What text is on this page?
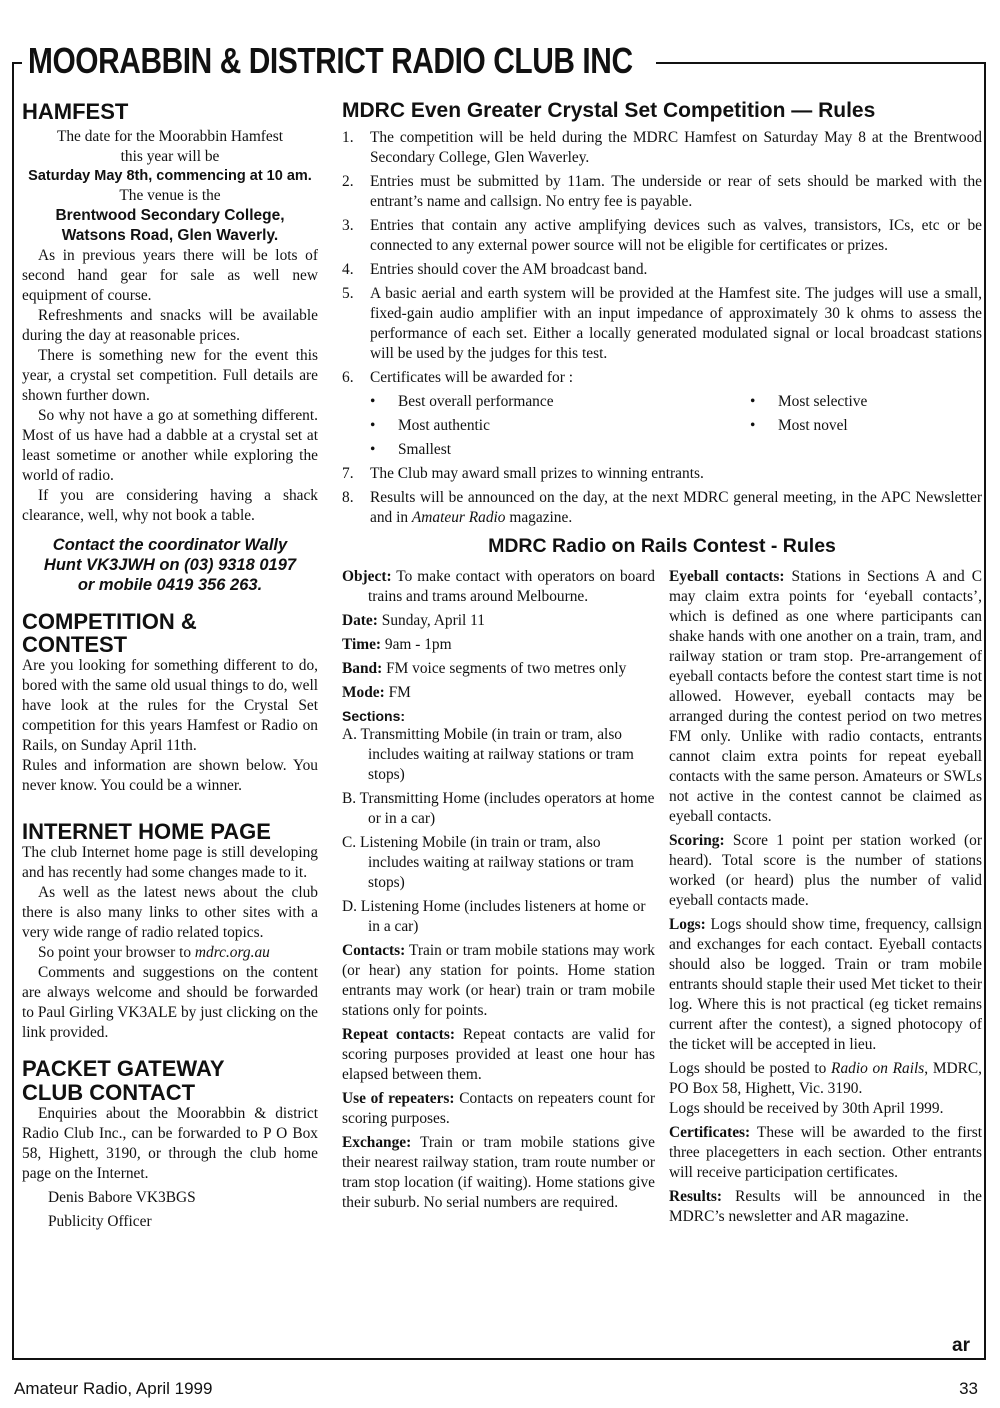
MOORABBIN & DISTRICT RADIO CLUB INC
HAMFEST

The date for the Moorabbin Hamfest

this year will be

Saturday May 8th, commencing at 10 am.

The venue is the

Brentwood Secondary College,

Watsons Road, Glen Waverly.

As in previous years there will be lots of second hand gear for sale as well new equipment of course.

Refreshments and snacks will be available during the day at reasonable prices.

There is something new for the event this year, a crystal set competition. Full details are shown further down.

So why not have a go at something different. Most of us have had a dabble at a crystal set at least sometime or another while exploring the world of radio.

If you are considering having a shack clearance, well, why not book a table.

Contact the coordinator Wally

Hunt VK3JWH on (03) 9318 0197

or mobile 0419 356 263.

COMPETITION &
CONTEST

Are you looking for something different to do, bored with the same old usual things to do, well have look at the rules for the Crystal Set competition for this years Hamfest or Radio on Rails, on Sunday April 11th.

Rules and information are shown below. You never know. You could be a winner.

INTERNET HOME PAGE

The club Internet home page is still developing and has recently had some changes made to it.

As well as the latest news about the club there is also many links to other sites with a very wide range of radio related topics.

So point your browser to mdrc.org.au

Comments and suggestions on the content are always welcome and should be forwarded to Paul Girling VK3ALE by just clicking on the link provided.

PACKET GATEWAY
CLUB CONTACT

Enquiries about the Moorabbin & district Radio Club Inc., can be forwarded to P O Box 58, Highett, 3190, or through the club home page on the Internet.

Denis Babore VK3BGS

Publicity Officer

MDRC Even Greater Crystal Set Competition — Rules
1.	The competition will be held during the MDRC Hamfest on Saturday May 8 at the Brentwood Secondary College, Glen Waverley.
2.	Entries must be submitted by 11am. The underside or rear of sets should be marked with the entrant’s name and callsign. No entry fee is payable.
3.	Entries that contain any active amplifying devices such as valves, transistors, ICs, etc or be connected to any external power source will not be eligible for certificates or prizes.
4.	Entries should cover the AM broadcast band.
5.	A basic aerial and earth system will be provided at the Hamfest site. The judges will use a small, fixed-gain audio amplifier with an input impedance of approximately 30 k ohms to assess the performance of each set. Either a locally generated modulated signal or local broadcast stations will be used by the judges for this test.
6.	Certificates will be awarded for :
•	Best overall performance	•	Most selective
•	Most authentic	•	Most novel
•	Smallest
7.	The Club may award small prizes to winning entrants.
8.	Results will be announced on the day, at the next MDRC general meeting, in the APC Newsletter and in Amateur Radio magazine.
MDRC Radio on Rails Contest - Rules

Object: To make contact with operators on board trains and trams around Melbourne.

Date: Sunday, April 11

Time: 9am - 1pm

Band: FM voice segments of two metres only

Mode: FM

Sections:

A. Transmitting Mobile (in train or tram, also includes waiting at railway stations or tram stops)

B. Transmitting Home (includes operators at home or in a car)

C. Listening Mobile (in train or tram, also includes waiting at railway stations or tram stops)

D. Listening Home (includes listeners at home or in a car)

Contacts: Train or tram mobile stations may work (or hear) any station for points. Home station entrants may work (or hear) train or tram mobile stations only for points.

Repeat contacts: Repeat contacts are valid for scoring purposes provided at least one hour has elapsed between them.

Use of repeaters: Contacts on repeaters count for scoring purposes.

Exchange: Train or tram mobile stations give their nearest railway station, tram route number or tram stop location (if waiting). Home stations give their suburb. No serial numbers are required.

Eyeball contacts: Stations in Sections A and C may claim extra points for ‘eyeball contacts’, which is defined as one where participants can shake hands with one another on a train, tram, and railway station or tram stop. Pre-arrangement of eyeball contacts before the contest start time is not allowed. However, eyeball contacts may be arranged during the contest period on two metres FM only. Unlike with radio contacts, entrants cannot claim extra points for repeat eyeball contacts with the same person. Amateurs or SWLs not active in the contest cannot be claimed as eyeball contacts.

Scoring: Score 1 point per station worked (or heard). Total score is the number of stations worked (or heard) plus the number of valid eyeball contacts made.

Logs: Logs should show time, frequency, callsign and exchanges for each contact. Eyeball contacts should also be logged. Train or tram mobile entrants should staple their used Met ticket to their log. Where this is not practical (eg ticket remains current after the contest), a signed photocopy of the ticket will be accepted in lieu.

Logs should be posted to Radio on Rails, MDRC, PO Box 58, Highett, Vic. 3190.

Logs should be received by 30th April 1999.

Certificates: These will be awarded to the first three placegetters in each section. Other entrants will receive participation certificates.

Results: Results will be announced in the MDRC’s newsletter and AR magazine.

ar
Amateur Radio, April 1999	33
